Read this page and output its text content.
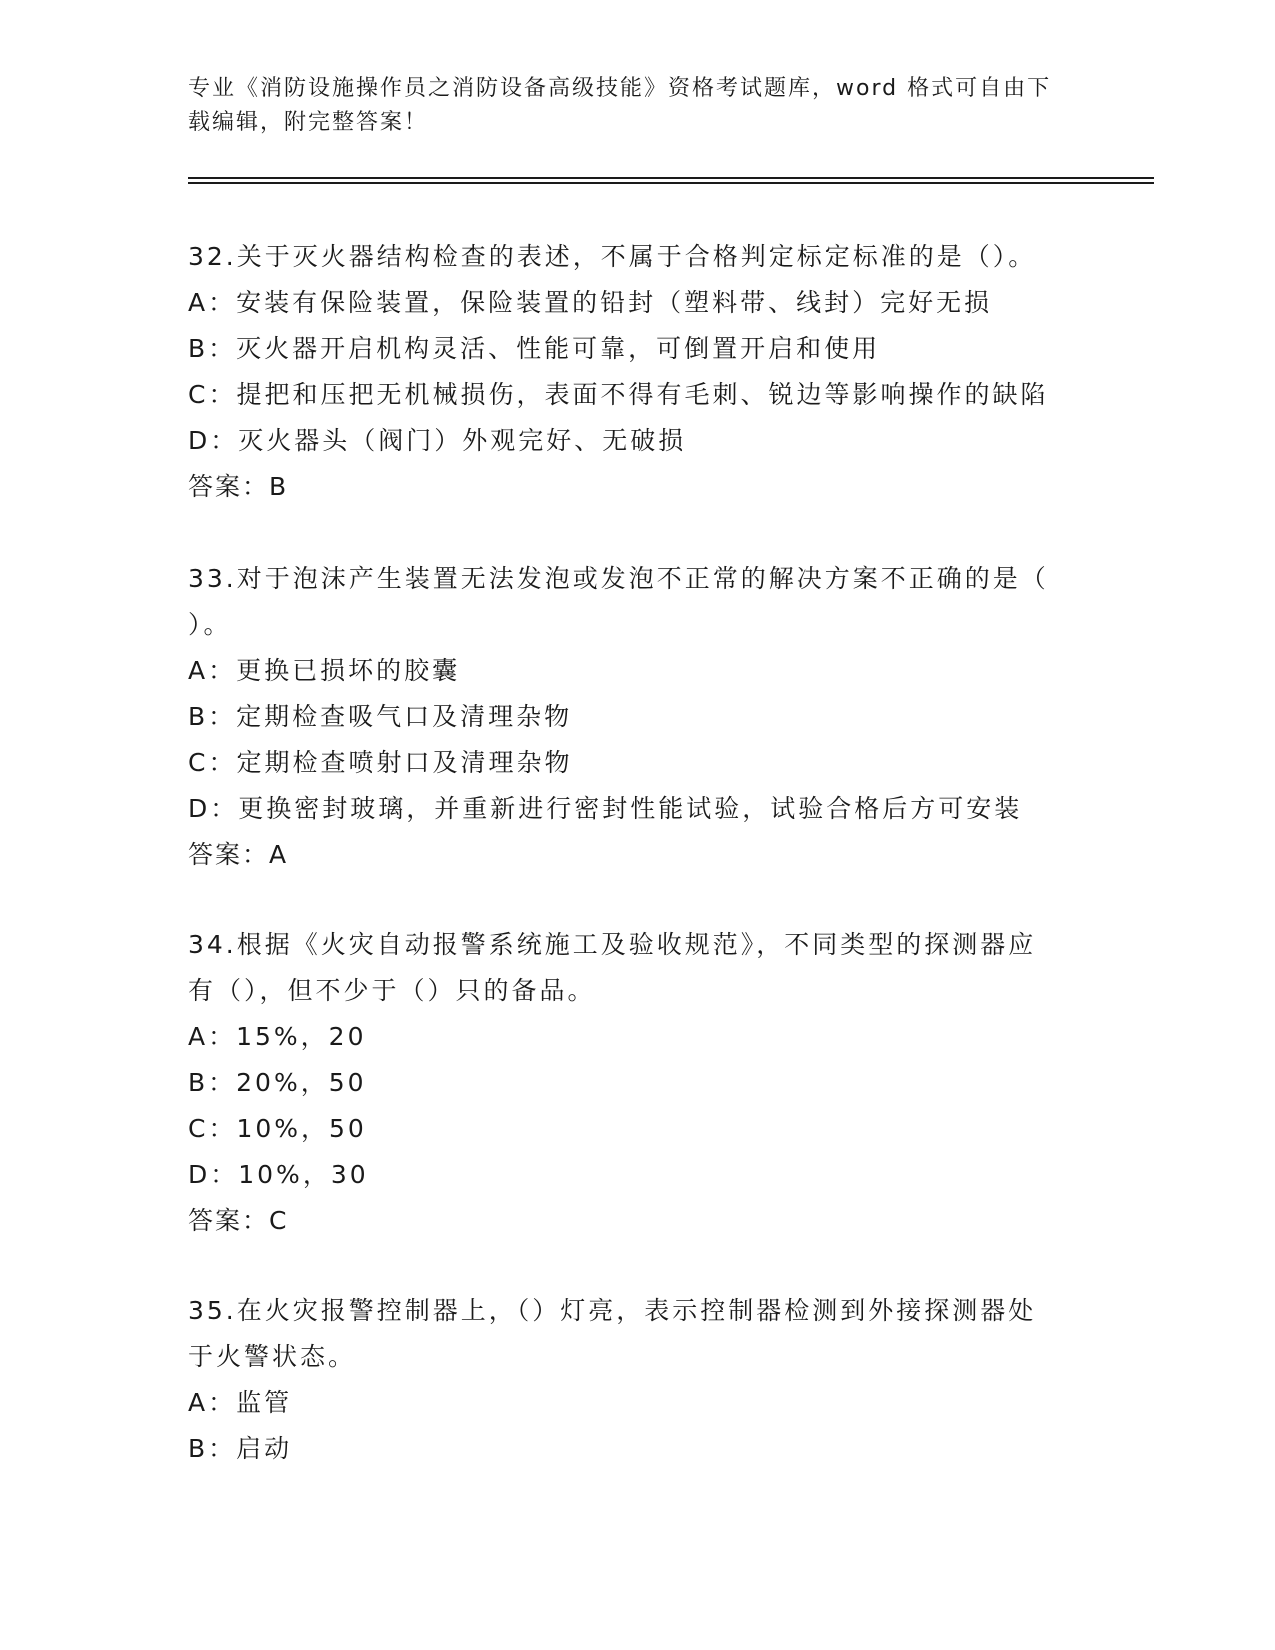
专业《消防设施操作员之消防设备高级技能》资格考试题库，word 格式可自由下
载编辑，附完整答案！
32.关于灭火器结构检查的表述，不属于合格判定标定标准的是（）。
A：安装有保险装置，保险装置的铅封（塑料带、线封）完好无损
B：灭火器开启机构灵活、性能可靠，可倒置开启和使用
C：提把和压把无机械损伤，表面不得有毛刺、锐边等影响操作的缺陷
D：灭火器头（阀门）外观完好、无破损
答案：B
33.对于泡沫产生装置无法发泡或发泡不正常的解决方案不正确的是（
）。
A：更换已损坏的胶囊
B：定期检查吸气口及清理杂物
C：定期检查喷射口及清理杂物
D：更换密封玻璃，并重新进行密封性能试验，试验合格后方可安装
答案：A
34.根据《火灾自动报警系统施工及验收规范》，不同类型的探测器应
有（），但不少于（）只的备品。
A：15%，20
B：20%，50
C：10%，50
D：10%，30
答案：C
35.在火灾报警控制器上，（）灯亮，表示控制器检测到外接探测器处
于火警状态。
A：监管
B：启动
